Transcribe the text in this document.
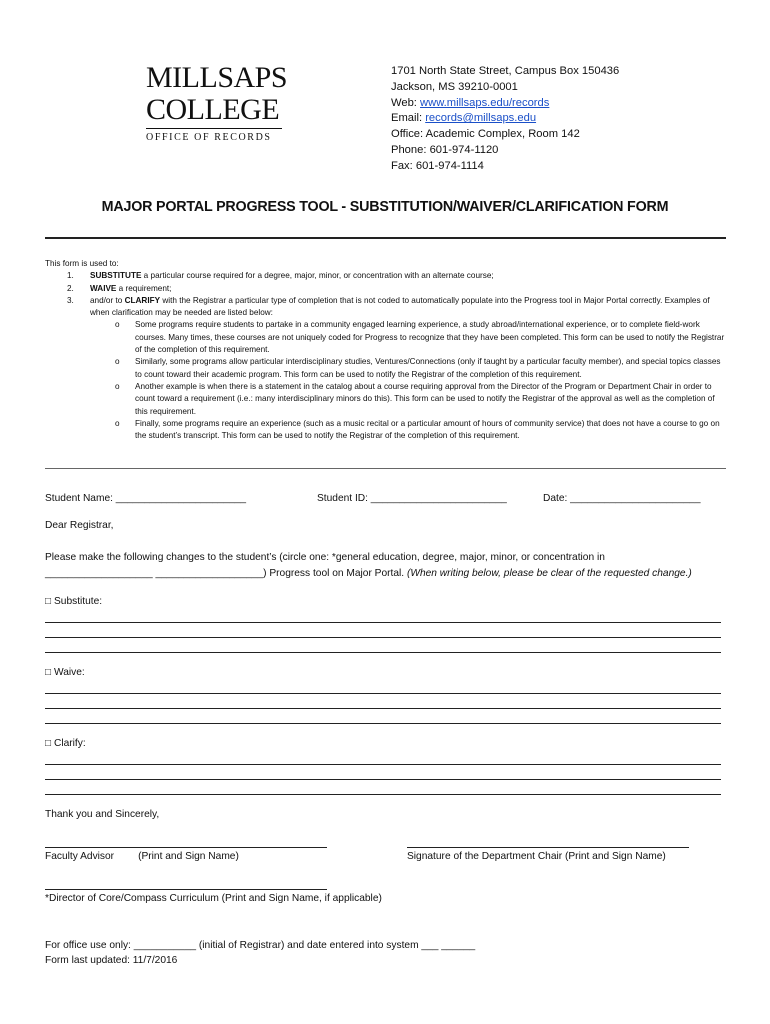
MILLSAPS
COLLEGE
OFFICE OF RECORDS
1701 North State Street, Campus Box 150436
Jackson, MS 39210-0001
Web: www.millsaps.edu/records
Email: records@millsaps.edu
Office: Academic Complex, Room 142
Phone: 601-974-1120
Fax: 601-974-1114
MAJOR PORTAL PROGRESS TOOL - SUBSTITUTION/WAIVER/CLARIFICATION FORM
This form is used to:
1. SUBSTITUTE a particular course required for a degree, major, minor, or concentration with an alternate course;
2. WAIVE a requirement;
3. and/or to CLARIFY with the Registrar a particular type of completion that is not coded to automatically populate into the Progress tool in Major Portal correctly. Examples of when clarification may be needed are listed below:
o Some programs require students to partake in a community engaged learning experience, a study abroad/international experience, or to complete field-work courses. Many times, these courses are not uniquely coded for Progress to recognize that they have been completed. This form can be used to notify the Registrar of the completion of this requirement.
o Similarly, some programs allow particular interdisciplinary studies, Ventures/Connections (only if taught by a particular faculty member), and special topics classes to count toward their academic program. This form can be used to notify the Registrar of the completion of this requirement.
o Another example is when there is a statement in the catalog about a course requiring approval from the Director of the Program or Department Chair in order to count toward a requirement (i.e.: many interdisciplinary minors do this). This form can be used to notify the Registrar of the approval as well as the completion of this requirement.
o Finally, some programs require an experience (such as a music recital or a particular amount of hours of community service) that does not have a course to go on the student’s transcript. This form can be used to notify the Registrar of the completion of this requirement.
Student Name: _______________________	Student ID: ________________________	Date: _______________________
Dear Registrar,
Please make the following changes to the student’s (circle one: *general education, degree, major, minor, or concentration in
___________________ ___________________) Progress tool on Major Portal. (When writing below, please be clear of the requested change.)
□ Substitute:
□ Waive:
□ Clarify:
Thank you and Sincerely,
Faculty Advisor (Print and Sign Name)	Signature of the Department Chair (Print and Sign Name)
*Director of Core/Compass Curriculum (Print and Sign Name, if applicable)
For office use only: ___________ (initial of Registrar) and date entered into system ___ ______
Form last updated: 11/7/2016
